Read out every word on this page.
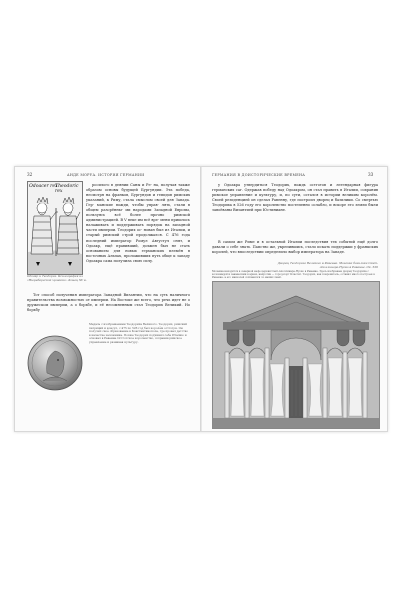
32	АНДЕ МОРУА. ИСТОРИЯ ГЕРМАНИИ
Odoacer rex
Theodoric rex
Одоакр и Теодорих. Ксилография из «Нюрнбергской хроники». Конец XV в.

росилого в деянии Саны и Ре- на, получая также образом основы будущей Бургундии. Эта победа, несмотря на франков, Бургундов и гепидов римских указаний, к Риму, стала смыслом своей для Запада. Гер- манские вожди, чтобы управ- лять, стали в общем разорённы- ми народами Западной Европы, пользуясь всё более прочно римской администрацией. В V веке им всё вре- мени пришлось налаживать и поддерживать порядок на западной части империи. Теодорих ос- нован был из Италии, и старый римский строй продолжался. С 476 года последний император Ромул Августул снят, и Одоакр, ещё правивший, должен был не стать основанием для новых германских племён в восточных Альпах, проложивших путь обще к западу Одоакра сама получила свою силу.

Тот способ получения императора Западной Византии, что на суть наличного правительства возможностью от империи. На Востоке же всего, что речь идет не о дружеском империи, а о борьбе, и её несомненным стал Теодорих Великий. Но борьбу

Медаль с изображением Теодориха Великого. Теодорих, римский патриций и консул, с 475 по 526 год был королём остготов. Он получил своё образование в Константинополе, где провёл детство в качестве заложника. Позже Теодорих подчинил себе Италию и основал в Равенне Остготское королевство, сохранив римское управление и развивая культуру.
ГЕРМАНИЯ В ДОИСТОРИЧЕСКИЕ ВРЕМЕНА	33

у Одоакра утвердиться Теодорих, вождь остготов и легендарная фигура германских саг. Одержав победу над Одоакром, он стал править в Италии, сохранив римское управление и культуру, и, по сути, остался в истории великим королём. Своей резиденцией он сделал Равенну, где построил дворец и базилики. Со смертью Теодориха в 526 году его королевство постепенно ослабло, и вскоре его земли были завоёваны Византией при Юстиниане.

В самом же Риме и в остальной Италии последствия тех событий ещё долго давали о себе знать. Папство же, укрепившись, стало искать поддержки у франкских королей, что впоследствии определило выбор императора на Западе.

Дворец Теодориха Великого в Равенне. Мозаика базилики Сант-Аполлинаре-Нуово в Равенне. Ок. 526
Мозаика находится в северной нефе церкви Сант-Аполлинаре-Нуово в Равенне. Здесь изображён дворец Теодориха с колоннадой и занавесями в арках, напротив — город-порт Классис. Теодорих, как покровитель, оставил много построек в Равенне, а его мавзолей сохранился до наших дней.
